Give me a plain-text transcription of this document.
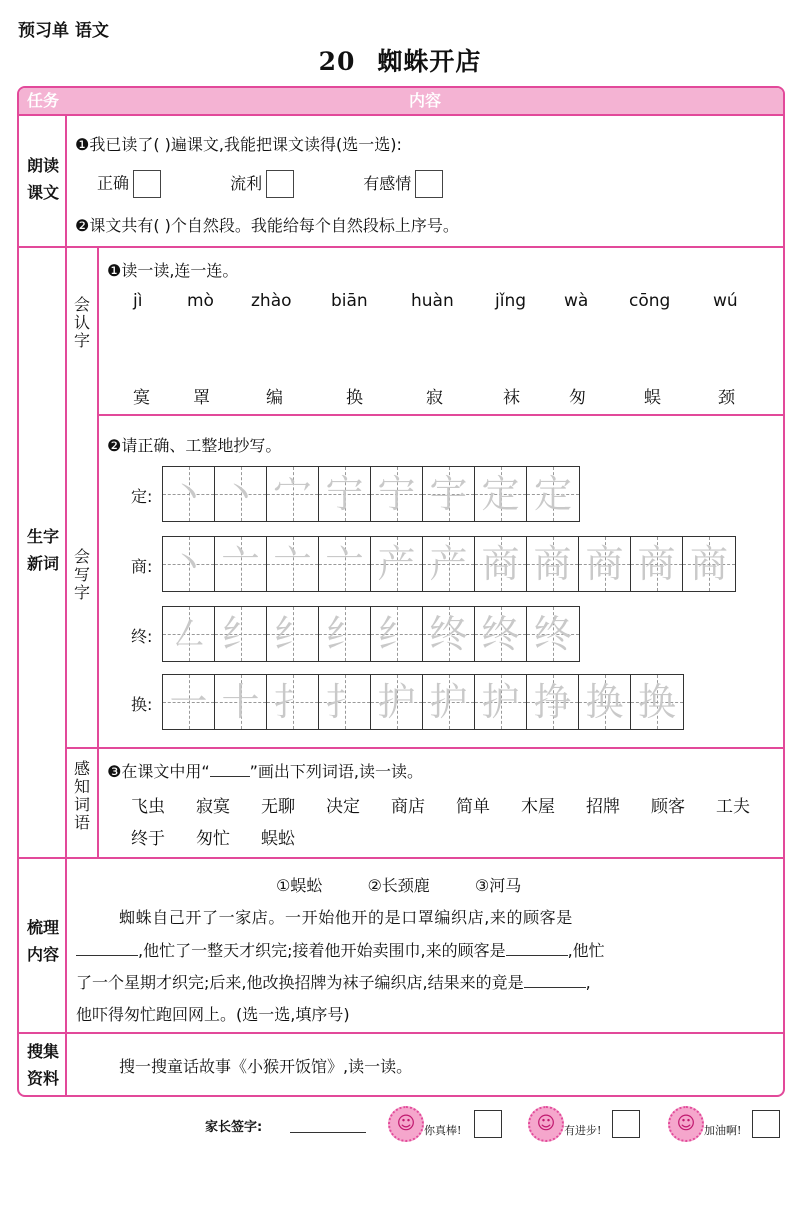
预习单 语文
20 蜘蛛开店
任务	内容
朗读
课文
❶我已读了( )遍课文,我能把课文读得(选一选):
正确	流利	有感情
❷课文共有( )个自然段。我能给每个自然段标上序号。
生字
新词
会
认
字
❶读一读,连一连。
jì	mò zhào biān	huàn jǐng wà cōng	wú
寞	罩	编	换	寂	袜	匆	蜈	颈
会
写
字
❷请正确、工整地抄写。
定: 丶 ⼂ 宀 宁 宁 宇 定 定
商: 丶 亠 亠 亠 产 产 商 商 商 商 商
终: ㇜ 纟 纟 纟 纟 终 终 终
换: 一 十 扌 扌 护 护 护 挣 换 换
感
知
词
语
❸在课文中用“	”画出下列词语,读一读。
飞虫 寂寞 无聊 决定 商店 简单 木屋 招牌 顾客 工夫
终于 匆忙 蜈蚣
梳理
内容
①蜈蚣	②长颈鹿	③河马
蜘蛛自己开了一家店。一开始他开的是口罩编织店,来的顾客是
,他忙了一整天才织完;接着他开始卖围巾,来的顾客是	,他忙
了一个星期才织完;后来,他改换招牌为袜子编织店,结果来的竟是	,
他吓得匆忙跑回网上。(选一选,填序号)
搜集
资料
搜一搜童话故事《小猴开饭馆》,读一读。
家长签字:	☺ 你真棒!	☺ 有进步!	☺ 加油啊!
